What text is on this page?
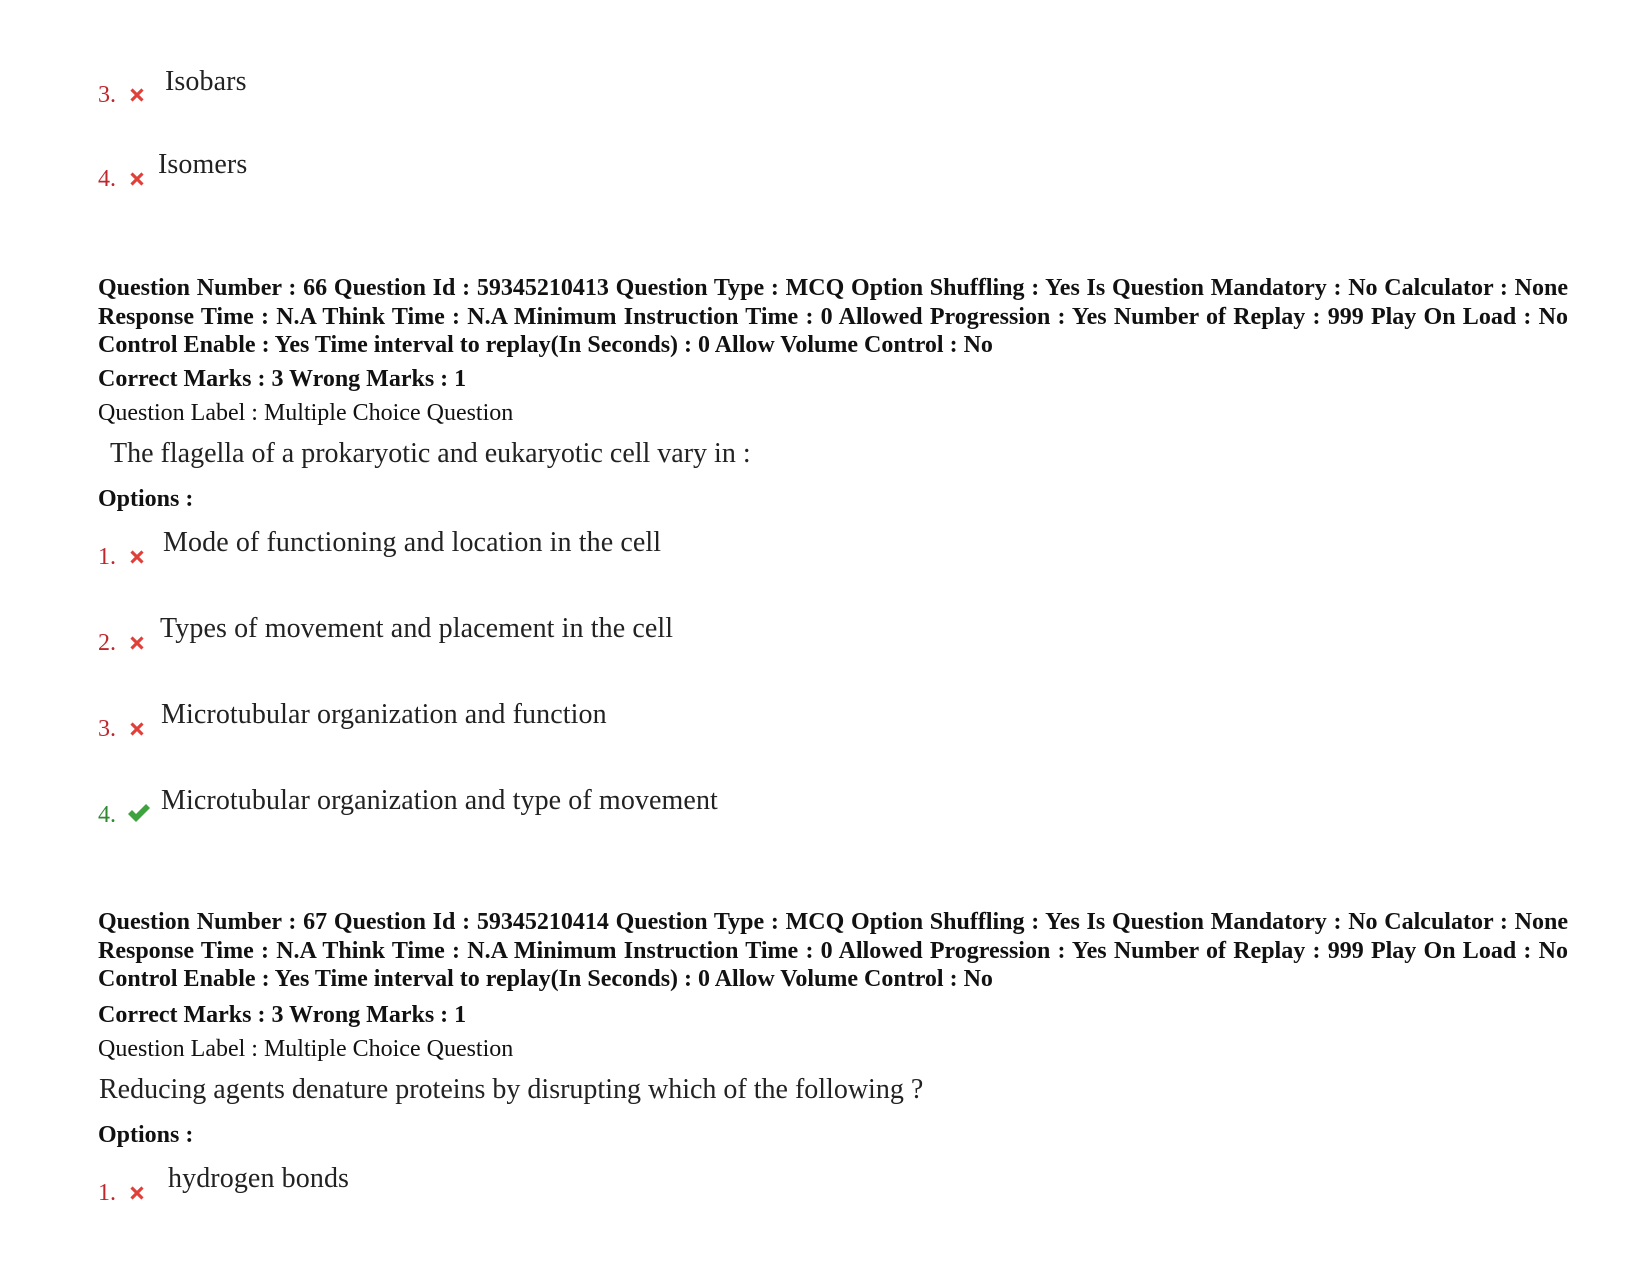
3. Isobars
4. Isomers
Question Number : 66 Question Id : 59345210413 Question Type : MCQ Option Shuffling : Yes Is Question Mandatory : No Calculator : None Response Time : N.A Think Time : N.A Minimum Instruction Time : 0 Allowed Progression : Yes Number of Replay : 999 Play On Load : No Control Enable : Yes Time interval to replay(In Seconds) : 0 Allow Volume Control : No
Correct Marks : 3 Wrong Marks : 1
Question Label : Multiple Choice Question
The flagella of a prokaryotic and eukaryotic cell vary in :
Options :
1. Mode of functioning and location in the cell
2. Types of movement and placement in the cell
3. Microtubular organization and function
4. Microtubular organization and type of movement
Question Number : 67 Question Id : 59345210414 Question Type : MCQ Option Shuffling : Yes Is Question Mandatory : No Calculator : None Response Time : N.A Think Time : N.A Minimum Instruction Time : 0 Allowed Progression : Yes Number of Replay : 999 Play On Load : No Control Enable : Yes Time interval to replay(In Seconds) : 0 Allow Volume Control : No
Correct Marks : 3 Wrong Marks : 1
Question Label : Multiple Choice Question
Reducing agents denature proteins by disrupting which of the following ?
Options :
1. hydrogen bonds
